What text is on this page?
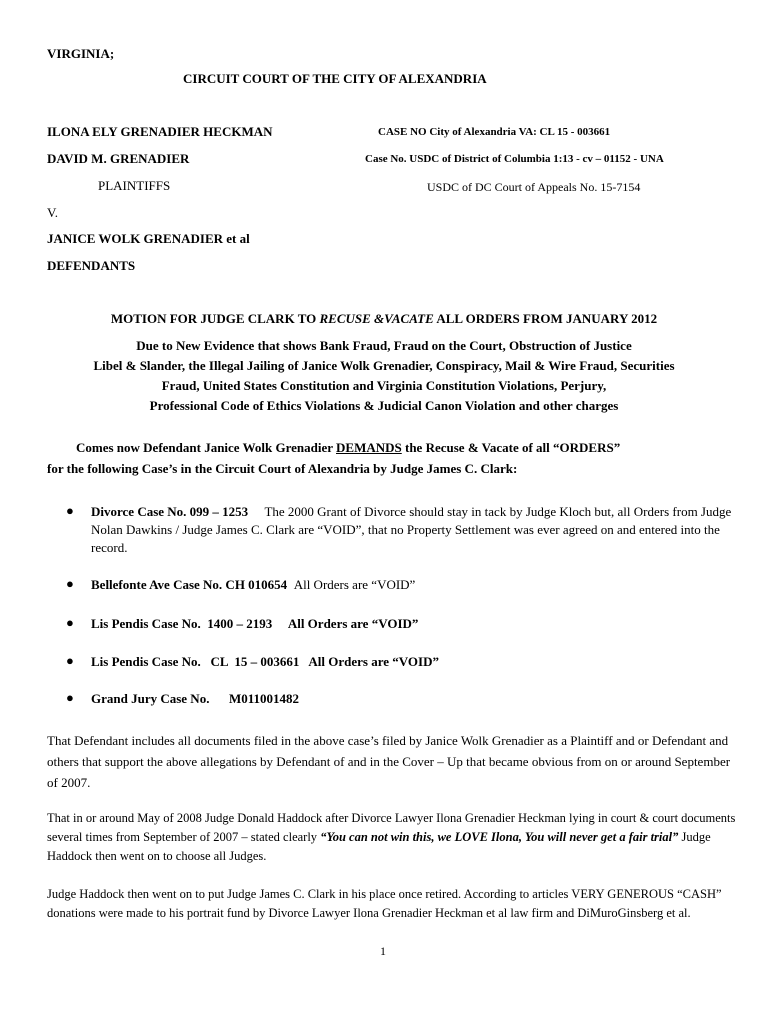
VIRGINIA;
CIRCUIT COURT OF THE CITY OF ALEXANDRIA
ILONA ELY GRENADIER HECKMAN	CASE NO City of Alexandria VA: CL 15 - 003661
DAVID M. GRENADIER	Case No. USDC of District of Columbia 1:13 - cv – 01152 - UNA
PLAINTIFFS	USDC of DC Court of Appeals No. 15-7154
V.
JANICE WOLK GRENADIER et al
DEFENDANTS
MOTION FOR JUDGE CLARK TO RECUSE &VACATE ALL ORDERS FROM JANUARY 2012
Due to New Evidence that shows Bank Fraud, Fraud on the Court, Obstruction of Justice
Libel & Slander, the Illegal Jailing of Janice Wolk Grenadier, Conspiracy, Mail & Wire Fraud, Securities
Fraud, United States Constitution and Virginia Constitution Violations, Perjury,
Professional Code of Ethics Violations & Judicial Canon Violation and other charges
Comes now Defendant Janice Wolk Grenadier DEMANDS the Recuse & Vacate of all “ORDERS”
for the following Case’s in the Circuit Court of Alexandria by Judge James C. Clark:
● Divorce Case No. 099 – 1253 The 2000 Grant of Divorce should stay in tack by Judge Kloch but, all Orders from Judge Nolan Dawkins / Judge James C. Clark are “VOID”, that no Property Settlement was ever agreed on and entered into the record.
● Bellefonte Ave Case No. CH 010654 All Orders are “VOID”
● Lis Pendis Case No.  1400 – 2193     All Orders are “VOID”
● Lis Pendis Case No.   CL  15 – 003661   All Orders are “VOID”
● Grand Jury Case No.      M011001482
That Defendant includes all documents filed in the above case’s filed by Janice Wolk Grenadier as a Plaintiff and or Defendant and others that support the above allegations by Defendant of and in the Cover – Up that became obvious from on or around September of 2007.
That in or around May of 2008 Judge Donald Haddock after Divorce Lawyer Ilona Grenadier Heckman lying in court & court documents several times from September of 2007 – stated clearly “You can not win this, we LOVE Ilona, You will never get a fair trial” Judge Haddock then went on to choose all Judges.
Judge Haddock then went on to put Judge James C. Clark in his place once retired. According to articles VERY GENEROUS “CASH” donations were made to his portrait fund by Divorce Lawyer Ilona Grenadier Heckman et al law firm and DiMuroGinsberg et al.
1
